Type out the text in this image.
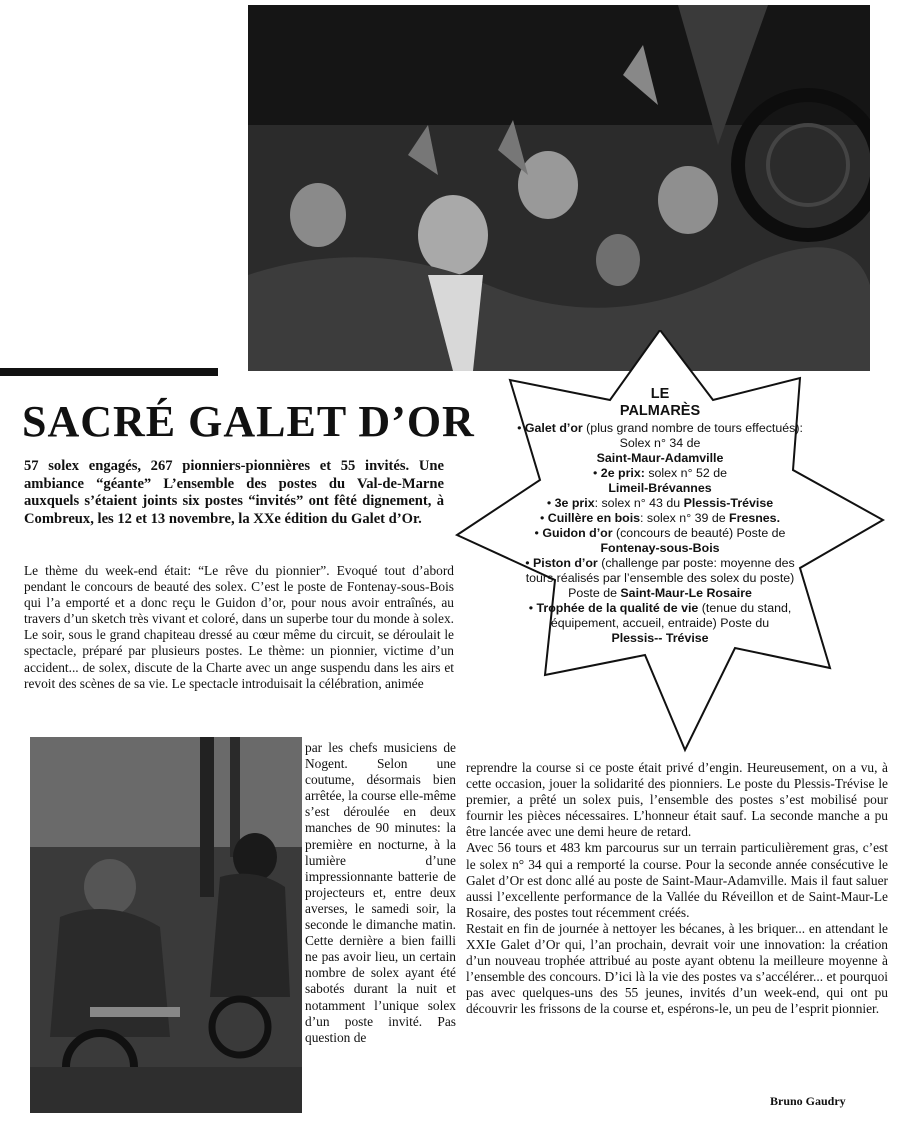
SACRÉ GALET D’OR

57 solex engagés, 267 pionniers-pionnières et 55 invités. Une ambiance “géante” L’ensemble des postes du Val-de-Marne auxquels s’étaient joints six postes “invités” ont fêté dignement, à Combreux, les 12 et 13 novembre, la XXe édition du Galet d’Or.

Le thème du week-end était: “Le rêve du pionnier”. Evoqué tout d’abord pendant le concours de beauté des solex. C’est le poste de Fontenay-sous-Bois qui l’a emporté et a donc reçu le Guidon d’or, pour nous avoir entraînés, au travers d’un sketch très vivant et coloré, dans un superbe tour du monde à solex. Le soir, sous le grand chapiteau dressé au cœur même du circuit, se déroulait le spectacle, préparé par plusieurs postes. Le thème: un pionnier, victime d’un accident... de solex, discute de la Charte avec un ange suspendu dans les airs et revoit des scènes de sa vie. Le spectacle introduisait la célébration, animée

par les chefs musiciens de Nogent. Selon une coutume, désormais bien arrêtée, la course elle-même s’est déroulée en deux manches de 90 minutes: la première en nocturne, à la lumière d’une impressionnante batterie de projecteurs et, entre deux averses, le samedi soir, la seconde le dimanche matin. Cette dernière a bien failli ne pas avoir lieu, un certain nombre de solex ayant été sabotés durant la nuit et notamment l’unique solex d’un poste invité. Pas question de

reprendre la course si ce poste était privé d’engin. Heureusement, on a vu, à cette occasion, jouer la solidarité des pionniers. Le poste du Plessis-Trévise le premier, a prêté un solex puis, l’ensemble des postes s’est mobilisé pour fournir les pièces nécessaires. L’honneur était sauf. La seconde manche a pu être lancée avec une demi heure de retard.

Avec 56 tours et 483 km parcourus sur un terrain particulièrement gras, c’est le solex n° 34 qui a remporté la course. Pour la seconde année consécutive le Galet d’Or est donc allé au poste de Saint-Maur-Adamville. Mais il faut saluer aussi l’excellente performance de la Vallée du Réveillon et de Saint-Maur-Le Rosaire, des postes tout récemment créés.

Restait en fin de journée à nettoyer les bécanes, à les briquer... en attendant le XXIe Galet d’Or qui, l’an prochain, devrait voir une innovation: la création d’un nouveau trophée attribué au poste ayant obtenu la meilleure moyenne à l’ensemble des concours. D’ici là la vie des postes va s’accélérer... et pourquoi pas avec quelques-uns des 55 jeunes, invités d’un week-end, qui ont pu découvrir les frissons de la course et, espérons-le, un peu de l’esprit pionnier.

Bruno Gaudry
LE
PALMARÈS
• Galet d’or (plus grand nombre de tours effectués): Solex n° 34 de
Saint-Maur-Adamville
• 2e prix: solex n° 52 de
Limeil-Brévannes
• 3e prix: solex n° 43 du Plessis-Trévise
• Cuillère en bois: solex n° 39 de Fresnes.
• Guidon d’or (concours de beauté) Poste de Fontenay-sous-Bois
• Piston d’or (challenge par poste: moyenne des tours réalisés par l’ensemble des solex du poste) Poste de Saint-Maur-Le Rosaire
• Trophée de la qualité de vie (tenue du stand, équipement, accueil, entraide) Poste du
Plessis-- Trévise
